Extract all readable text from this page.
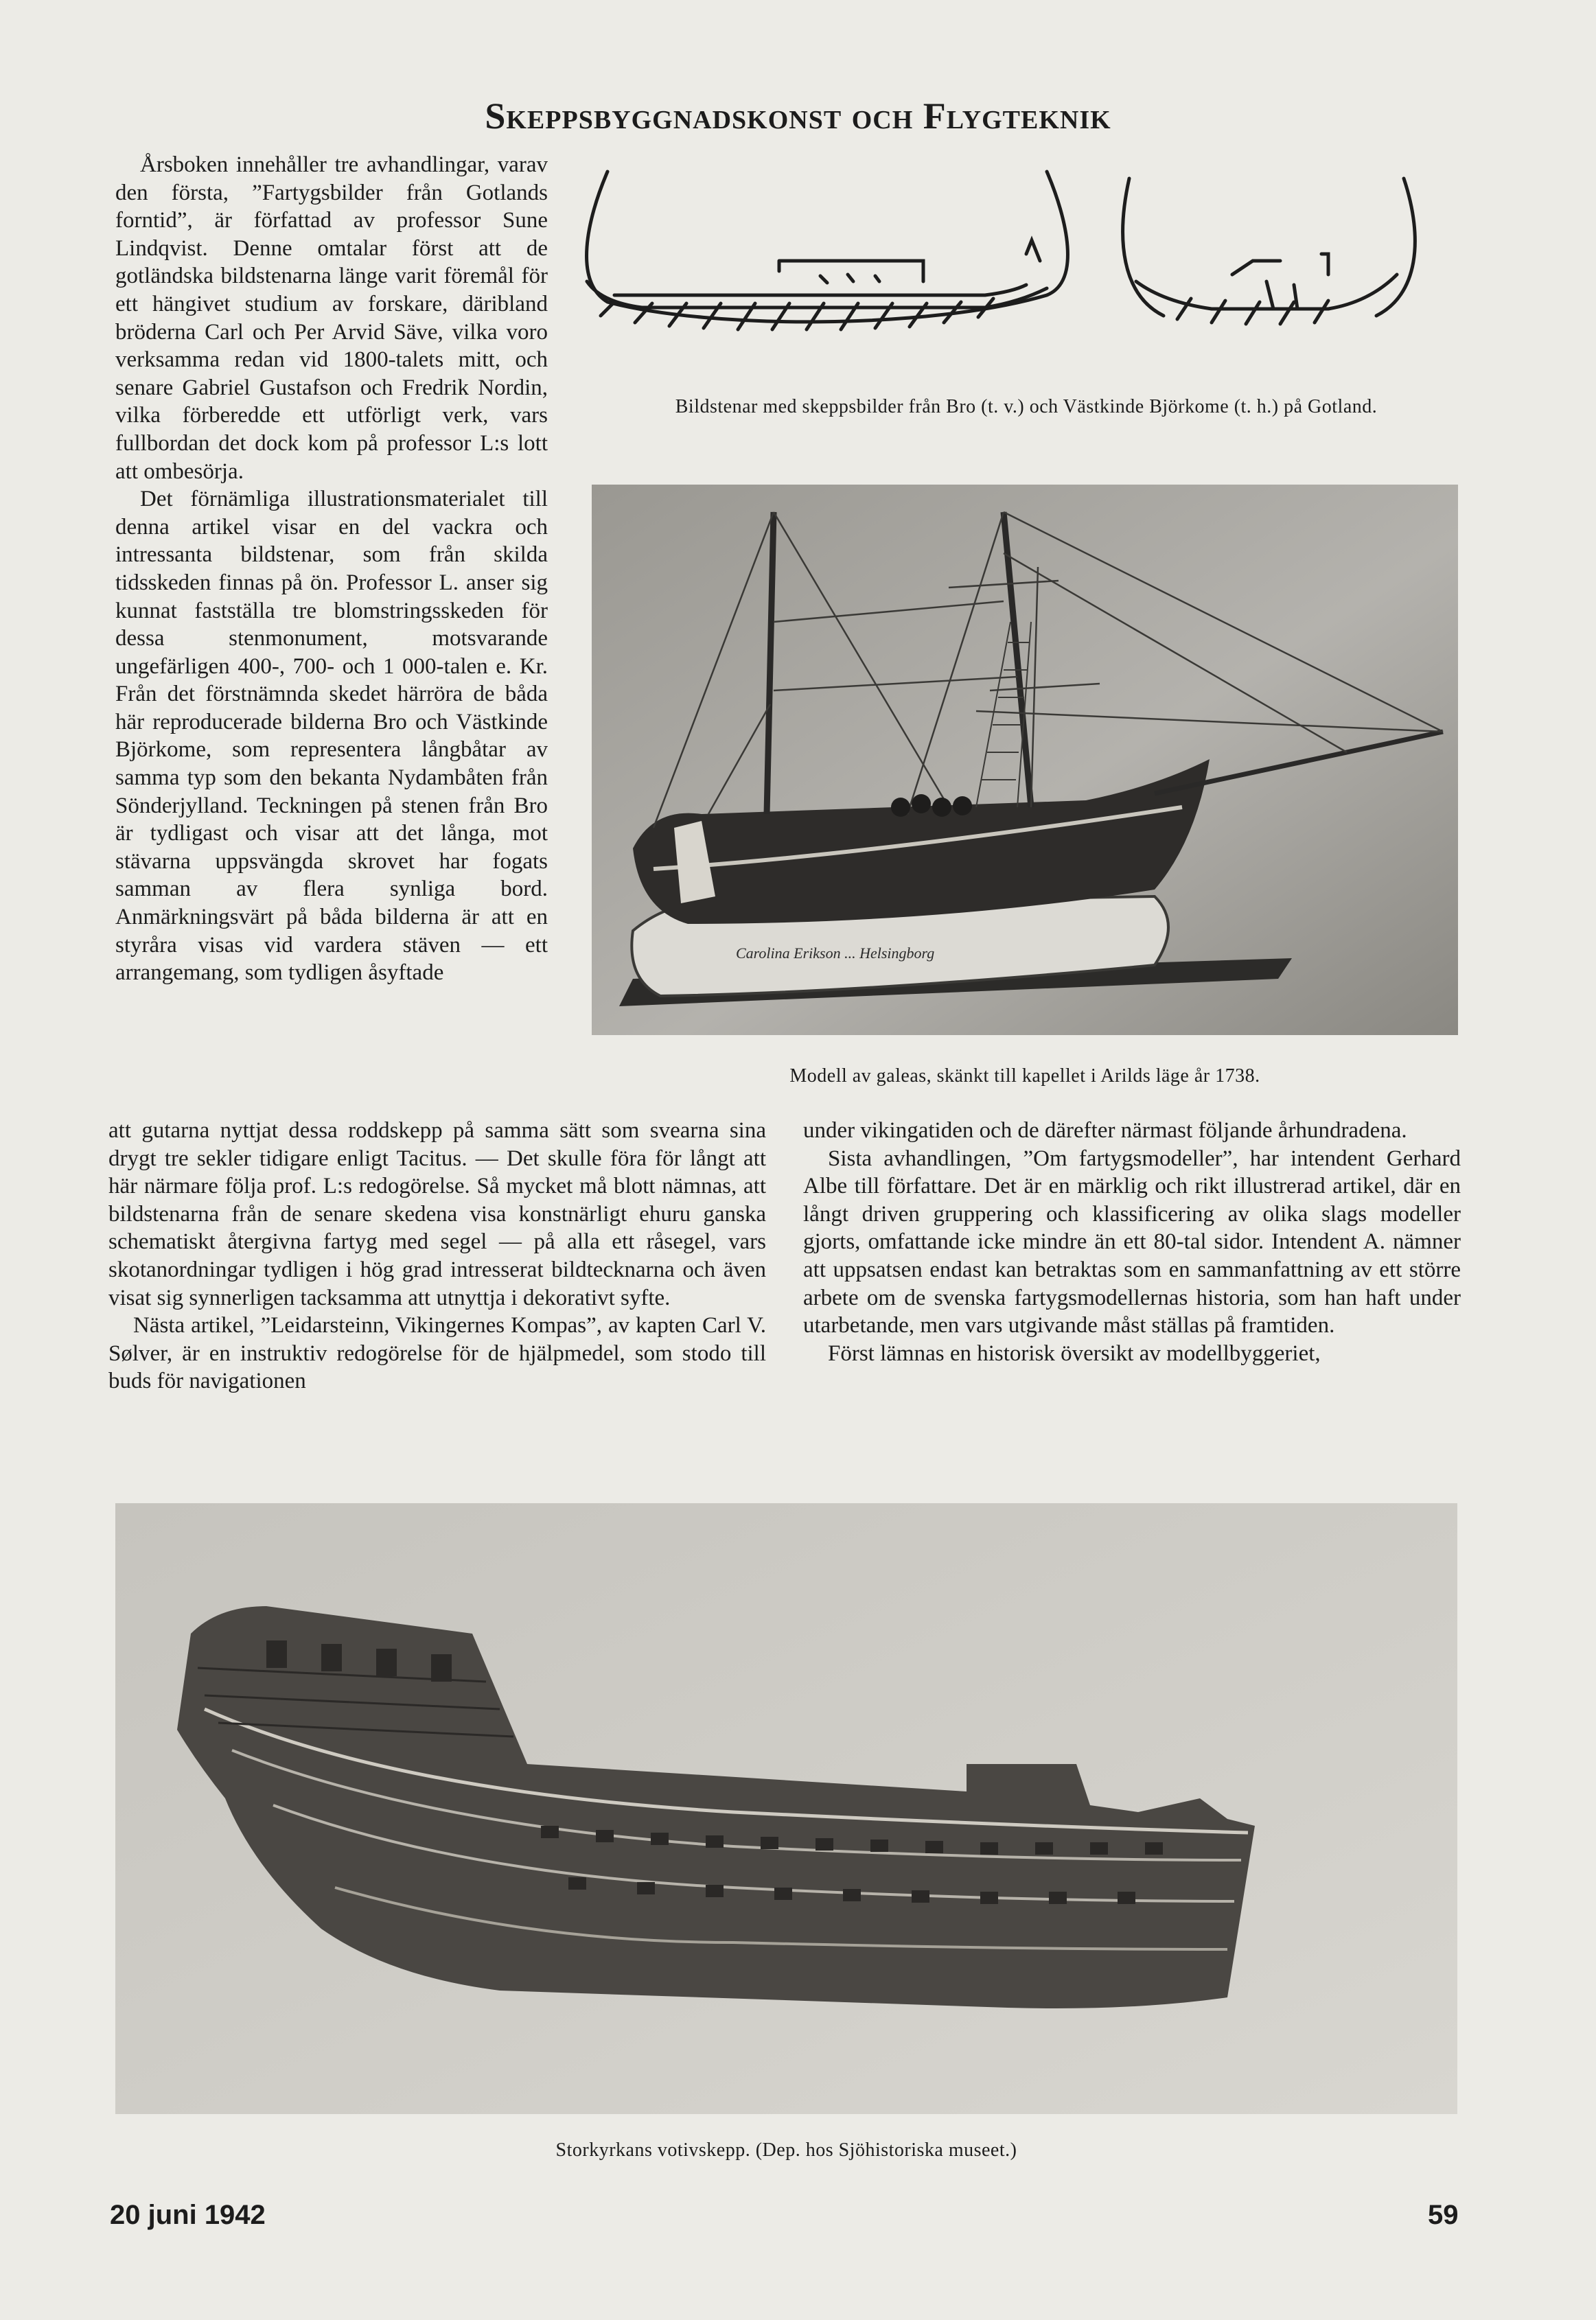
Skeppsbyggnadskonst och Flygteknik

Årsboken innehåller tre avhandlingar, varav den första, ”Fartygsbilder från Gotlands forntid”, är författad av professor Sune Lindqvist. Denne omtalar först att de gotländska bildstenarna länge varit föremål för ett hängivet studium av forskare, däribland bröderna Carl och Per Arvid Säve, vilka voro verksamma redan vid 1800-talets mitt, och senare Gabriel Gustafson och Fredrik Nordin, vilka förberedde ett utförligt verk, vars fullbordan det dock kom på professor L:s lott att ombesörja.

Det förnämliga illustrationsmaterialet till denna artikel visar en del vackra och intressanta bildstenar, som från skilda tidsskeden finnas på ön. Professor L. anser sig kunnat fastställa tre blomstringsskeden för dessa stenmonument, motsvarande ungefärligen 400-, 700- och 1 000-talen e. Kr. Från det förstnämnda skedet härröra de båda här reproducerade bilderna Bro och Västkinde Björkome, som representera långbåtar av samma typ som den bekanta Nydambåten från Sönderjylland. Teckningen på stenen från Bro är tydligast och visar att det långa, mot stävarna uppsvängda skrovet har fogats samman av flera synliga bord. Anmärkningsvärt på båda bilderna är att en styråra visas vid vardera stäven — ett arrangemang, som tydligen åsyftade

Bildstenar med skeppsbilder från Bro (t. v.) och Västkinde Björkome (t. h.) på Gotland.
Carolina Erikson ... Helsingborg
Modell av galeas, skänkt till kapellet i Arilds läge år 1738.

att gutarna nyttjat dessa roddskepp på samma sätt som svearna sina drygt tre sekler tidigare enligt Tacitus. — Det skulle föra för långt att här närmare följa prof. L:s redogörelse. Så mycket må blott nämnas, att bildstenarna från de senare skedena visa konstnärligt ehuru ganska schematiskt återgivna fartyg med segel — på alla ett råsegel, vars skotanordningar tydligen i hög grad intresserat bildtecknarna och även visat sig synnerligen tacksamma att utnyttja i dekorativt syfte.

Nästa artikel, ”Leidarsteinn, Vikingernes Kompas”, av kapten Carl V. Sølver, är en instruktiv redogörelse för de hjälpmedel, som stodo till buds för navigationen

under vikingatiden och de därefter närmast följande århundradena.

Sista avhandlingen, ”Om fartygsmodeller”, har intendent Gerhard Albe till författare. Det är en märklig och rikt illustrerad artikel, där en långt driven gruppering och klassificering av olika slags modeller gjorts, omfattande icke mindre än ett 80-tal sidor. Intendent A. nämner att uppsatsen endast kan betraktas som en sammanfattning av ett större arbete om de svenska fartygsmodellernas historia, som han haft under utarbetande, men vars utgivande måst ställas på framtiden.

Först lämnas en historisk översikt av modellbyggeriet,

Storkyrkans votivskepp. (Dep. hos Sjöhistoriska museet.)
20 juni 1942	59
